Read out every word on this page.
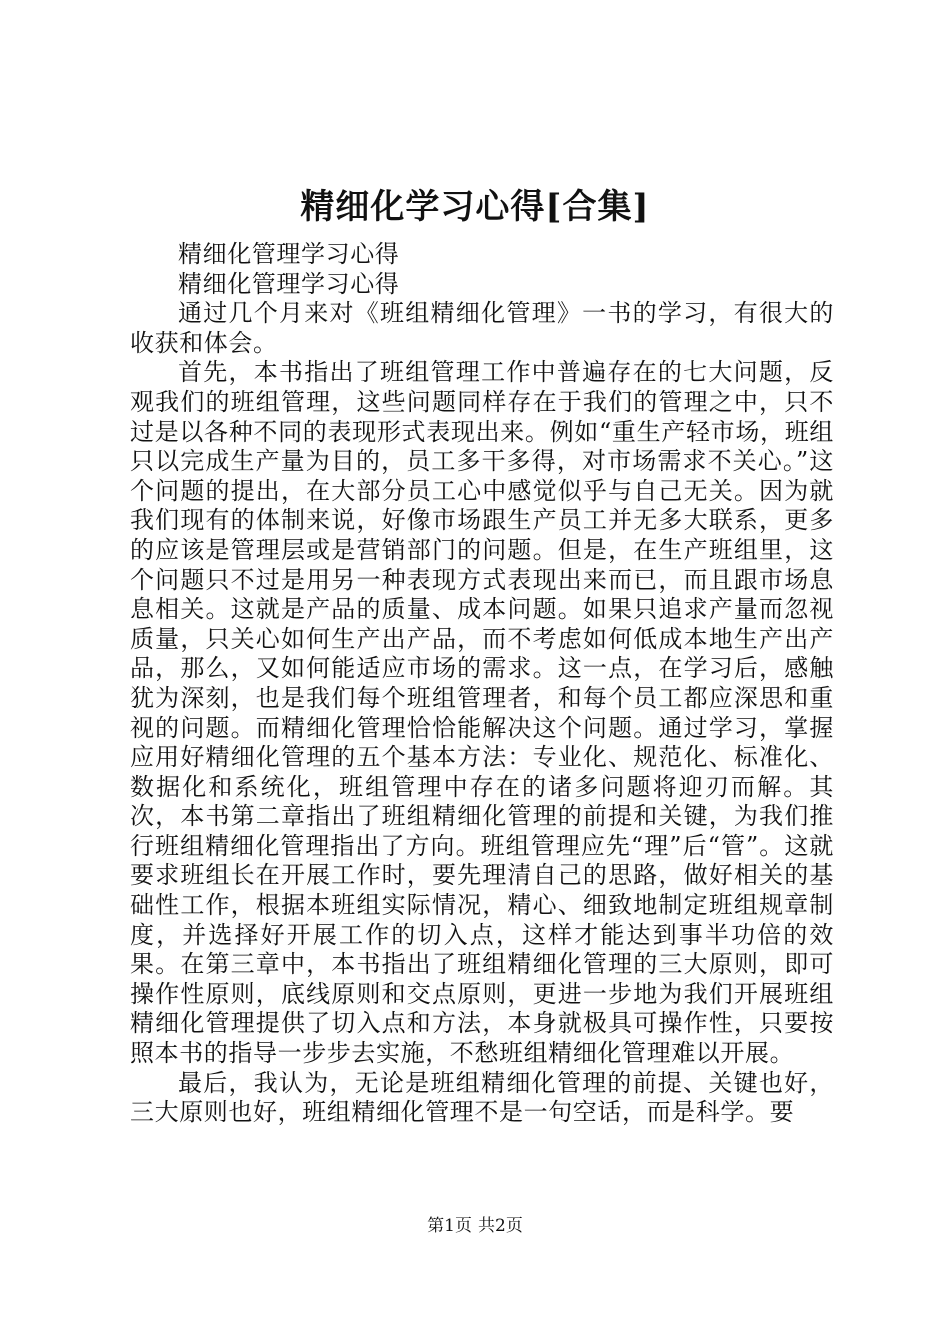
精细化学习心得[合集]

精细化管理学习心得

精细化管理学习心得

通过几个月来对《班组精细化管理》一书的学习，有很大的收获和体会。

首先，本书指出了班组管理工作中普遍存在的七大问题，反观我们的班组管理，这些问题同样存在于我们的管理之中，只不过是以各种不同的表现形式表现出来。例如“重生产轻市场，班组只以完成生产量为目的，员工多干多得，对市场需求不关心。”这个问题的提出，在大部分员工心中感觉似乎与自己无关。因为就我们现有的体制来说，好像市场跟生产员工并无多大联系，更多的应该是管理层或是营销部门的问题。但是，在生产班组里，这个问题只不过是用另一种表现方式表现出来而已，而且跟市场息息相关。这就是产品的质量、成本问题。如果只追求产量而忽视质量，只关心如何生产出产品，而不考虑如何低成本地生产出产品，那么，又如何能适应市场的需求。这一点，在学习后，感触犹为深刻，也是我们每个班组管理者，和每个员工都应深思和重视的问题。而精细化管理恰恰能解决这个问题。通过学习，掌握应用好精细化管理的五个基本方法：专业化、规范化、标准化、数据化和系统化，班组管理中存在的诸多问题将迎刃而解。其次，本书第二章指出了班组精细化管理的前提和关键，为我们推行班组精细化管理指出了方向。班组管理应先“理”后“管”。这就要求班组长在开展工作时，要先理清自己的思路，做好相关的基础性工作，根据本班组实际情况，精心、细致地制定班组规章制度，并选择好开展工作的切入点，这样才能达到事半功倍的效果。在第三章中，本书指出了班组精细化管理的三大原则，即可操作性原则，底线原则和交点原则，更进一步地为我们开展班组精细化管理提供了切入点和方法，本身就极具可操作性，只要按照本书的指导一步步去实施，不愁班组精细化管理难以开展。

最后，我认为，无论是班组精细化管理的前提、关键也好，三大原则也好，班组精细化管理不是一句空话，而是科学。要

第1页 共2页
